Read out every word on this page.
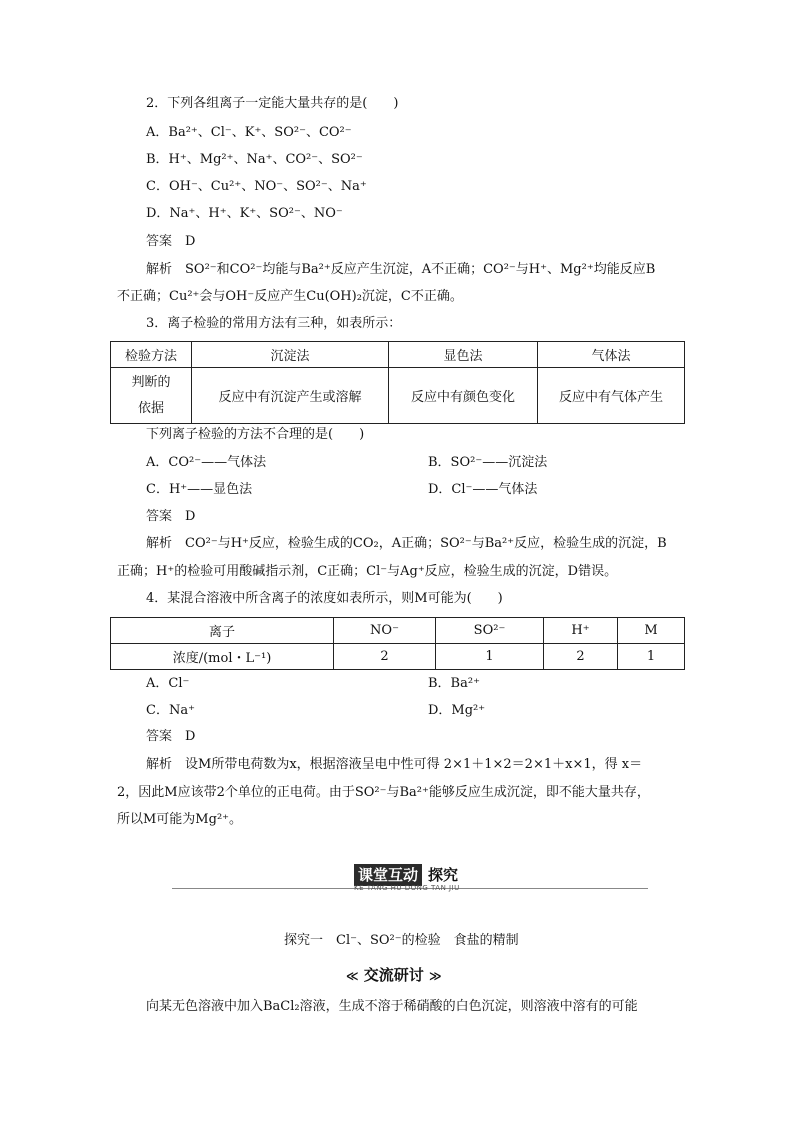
2．下列各组离子一定能大量共存的是(　　)
A．Ba²⁺、Cl⁻、K⁺、SO²⁻、CO²⁻
B．H⁺、Mg²⁺、Na⁺、CO²⁻、SO²⁻
C．OH⁻、Cu²⁺、NO⁻、SO²⁻、Na⁺
D．Na⁺、H⁺、K⁺、SO²⁻、NO⁻
答案　 D
解析　 SO²⁻和CO²⁻均能与Ba²⁺反应产生沉淀，A不正确；CO²⁻与H⁺、Mg²⁺均能反应B
不正确；Cu²⁺会与OH⁻反应产生Cu(OH)₂沉淀，C不正确。
3．离子检验的常用方法有三种，如表所示：
检验方法	沉淀法	显色法	气体法
判断的
依据	反应中有沉淀产生或溶解	反应中有颜色变化	反应中有气体产生
下列离子检验的方法不合理的是(　　)
A．CO²⁻——气体法	B．SO²⁻——沉淀法
C．H⁺——显色法	D．Cl⁻——气体法
答案　 D
解析　 CO²⁻与H⁺反应，检验生成的CO₂，A正确；SO²⁻与Ba²⁺反应，检验生成的沉淀，B
正确；H⁺的检验可用酸碱指示剂，C正确；Cl⁻与Ag⁺反应，检验生成的沉淀，D错误。
4．某混合溶液中所含离子的浓度如表所示，则M可能为(　　)
离子	NO⁻	SO²⁻	H⁺	M
浓度/(mol・L⁻¹)	2	1	2	1
A．Cl⁻	B．Ba²⁺
C．Na⁺	D．Mg²⁺
答案　 D
解析　 设M所带电荷数为x，根据溶液呈电中性可得 2×1＋1×2＝2×1＋x×1，得 x＝
2，因此M应该带2个单位的正电荷。由于SO²⁻与Ba²⁺能够反应生成沉淀，即不能大量共存，
所以M可能为Mg²⁺。
课堂互动 探究
KE TANG HU DONG TAN JIU
探究一　Cl⁻、SO²⁻的检验　食盐的精制
≪ 交流研讨 ≫
向某无色溶液中加入BaCl₂溶液，生成不溶于稀硝酸的白色沉淀，则溶液中溶有的可能
